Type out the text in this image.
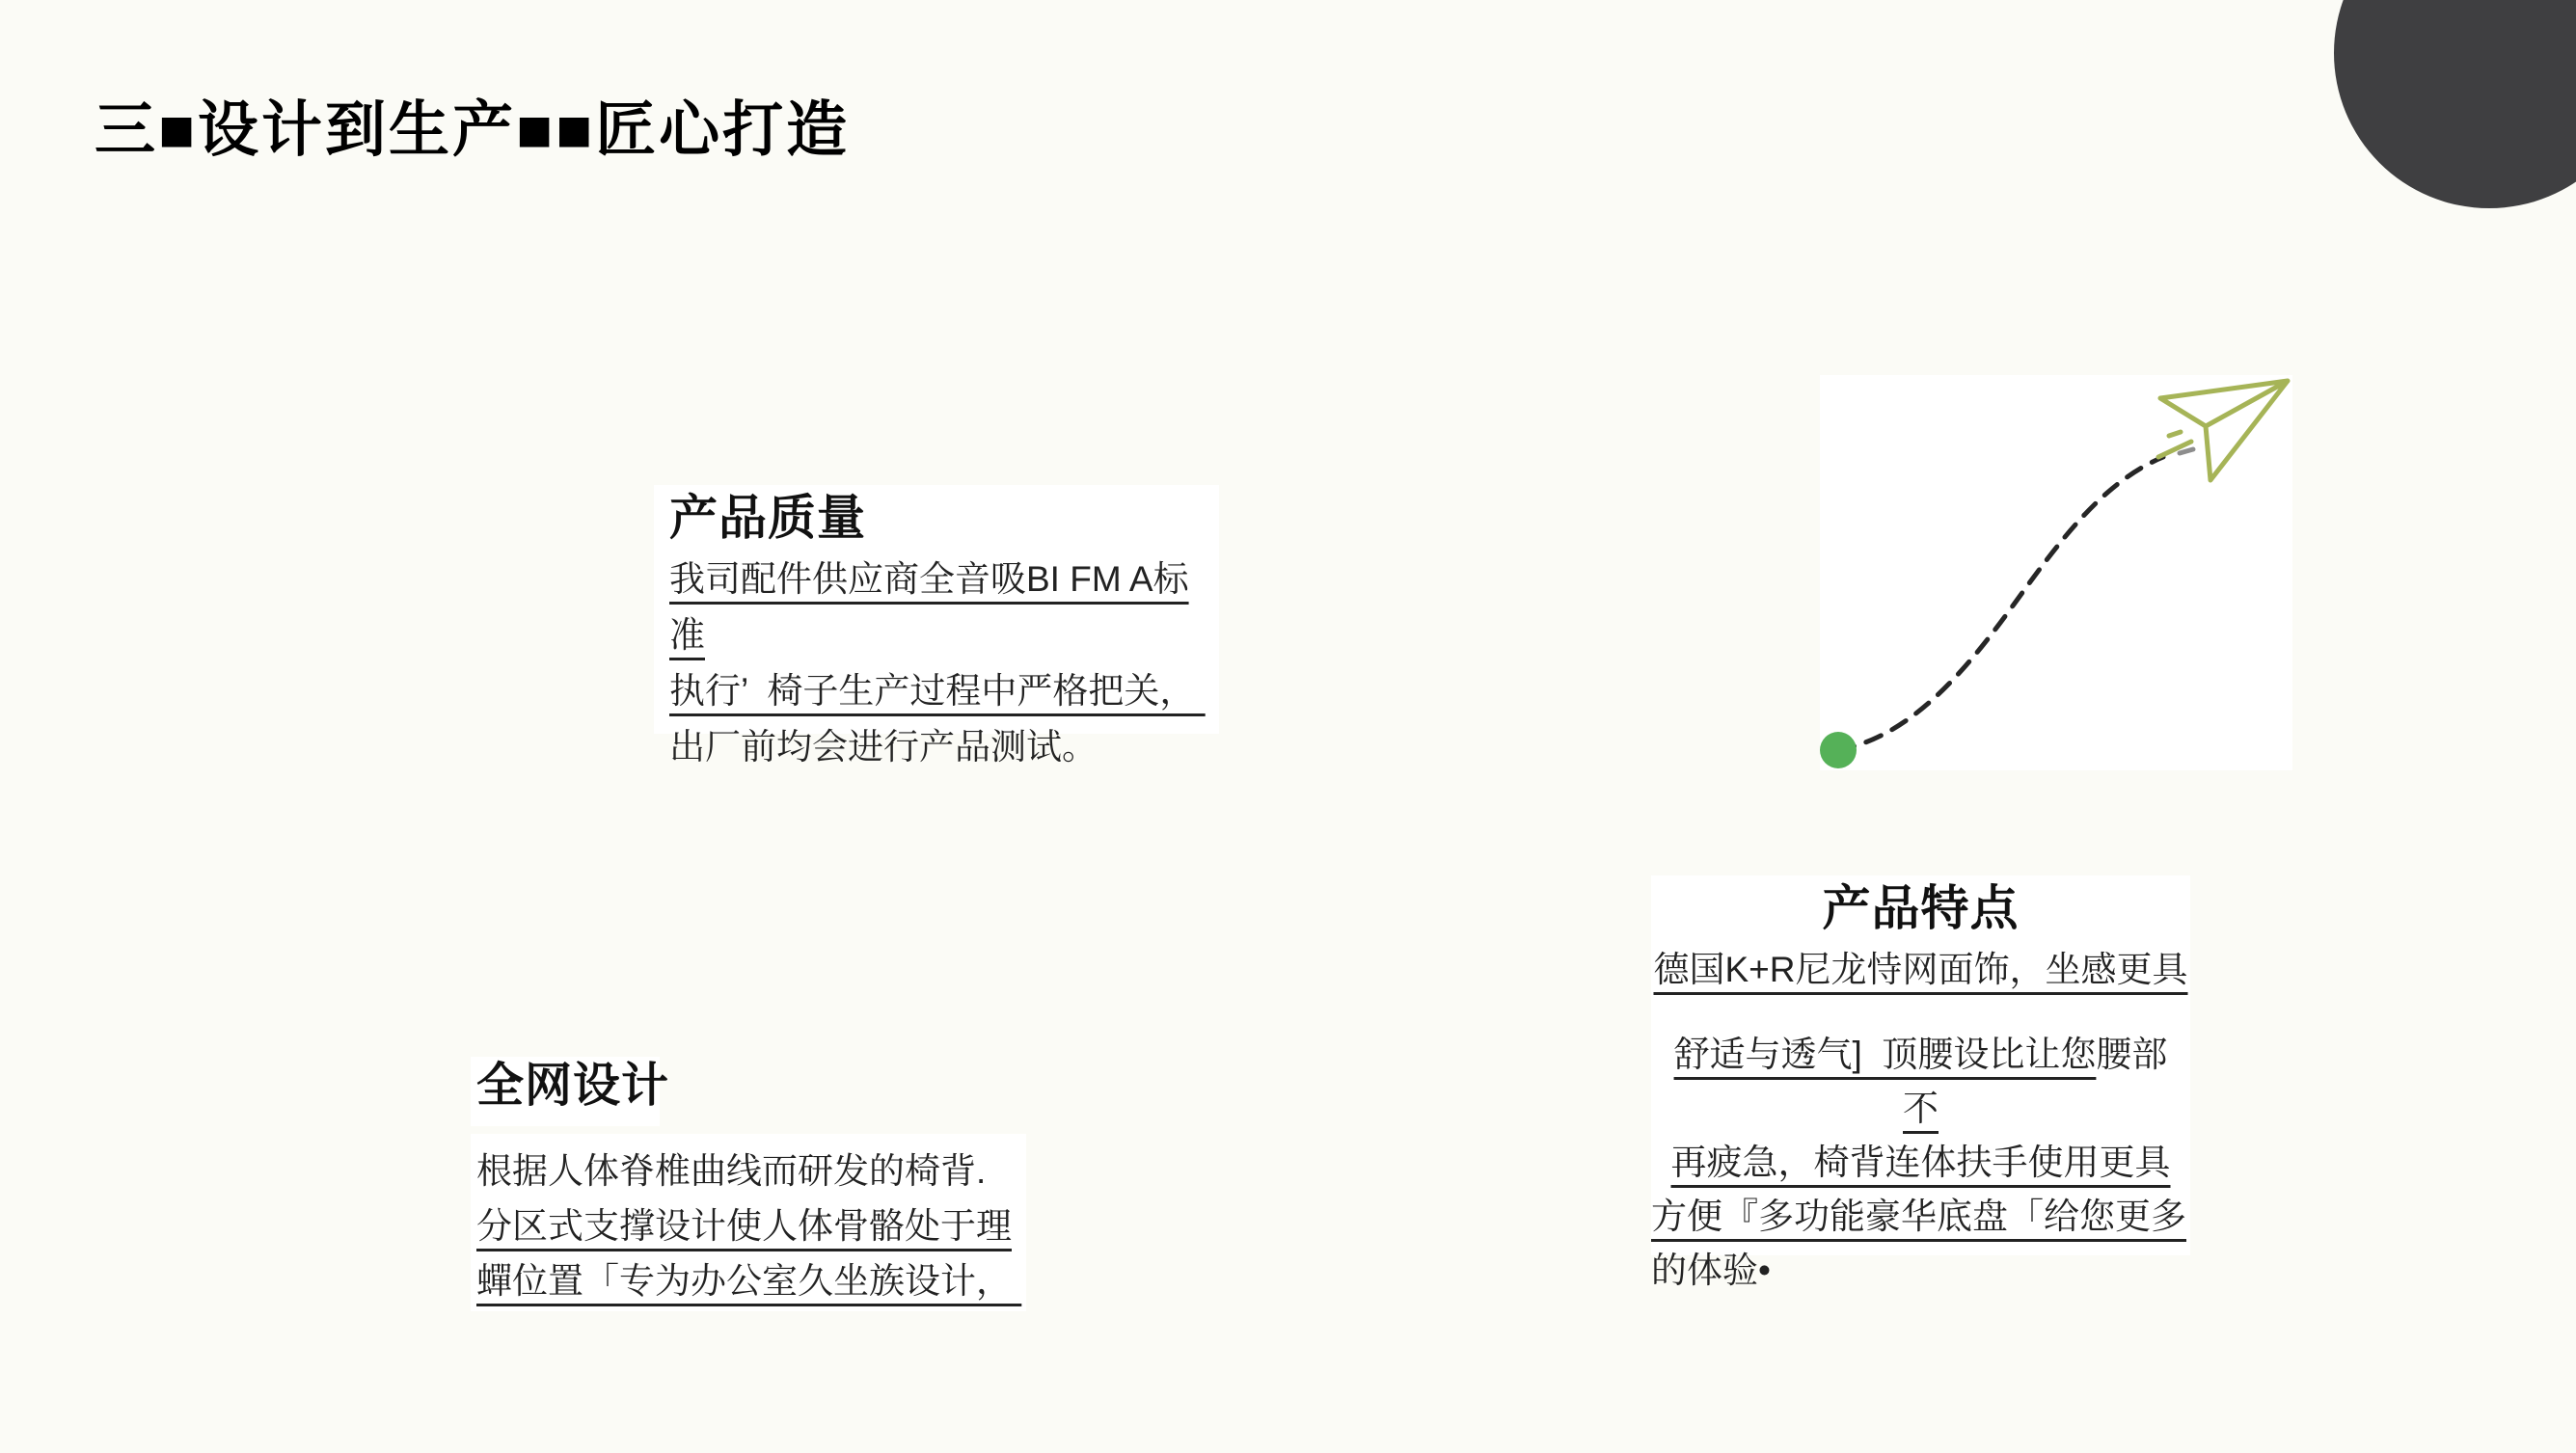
三■设计到生产■■匠心打造
产品质量
我司配件供应商全音吸BI FM A标准
执行’  椅子生产过程中严格把关，
出厂前均会进行产品测试。
产品特点
德国K+R尼龙恃网面饰，坐感更具
舒适与透气]  顶腰设比让您腰部 不
再疲急，椅背连体扶手使用更具
方便『多功能豪华底盘「给您更多
的体验•
全网设计
根据人体脊椎曲线而研发的椅背.
分区式支撑设计使人体骨骼处于理
蟬位置「专为办公室久坐族设计，
